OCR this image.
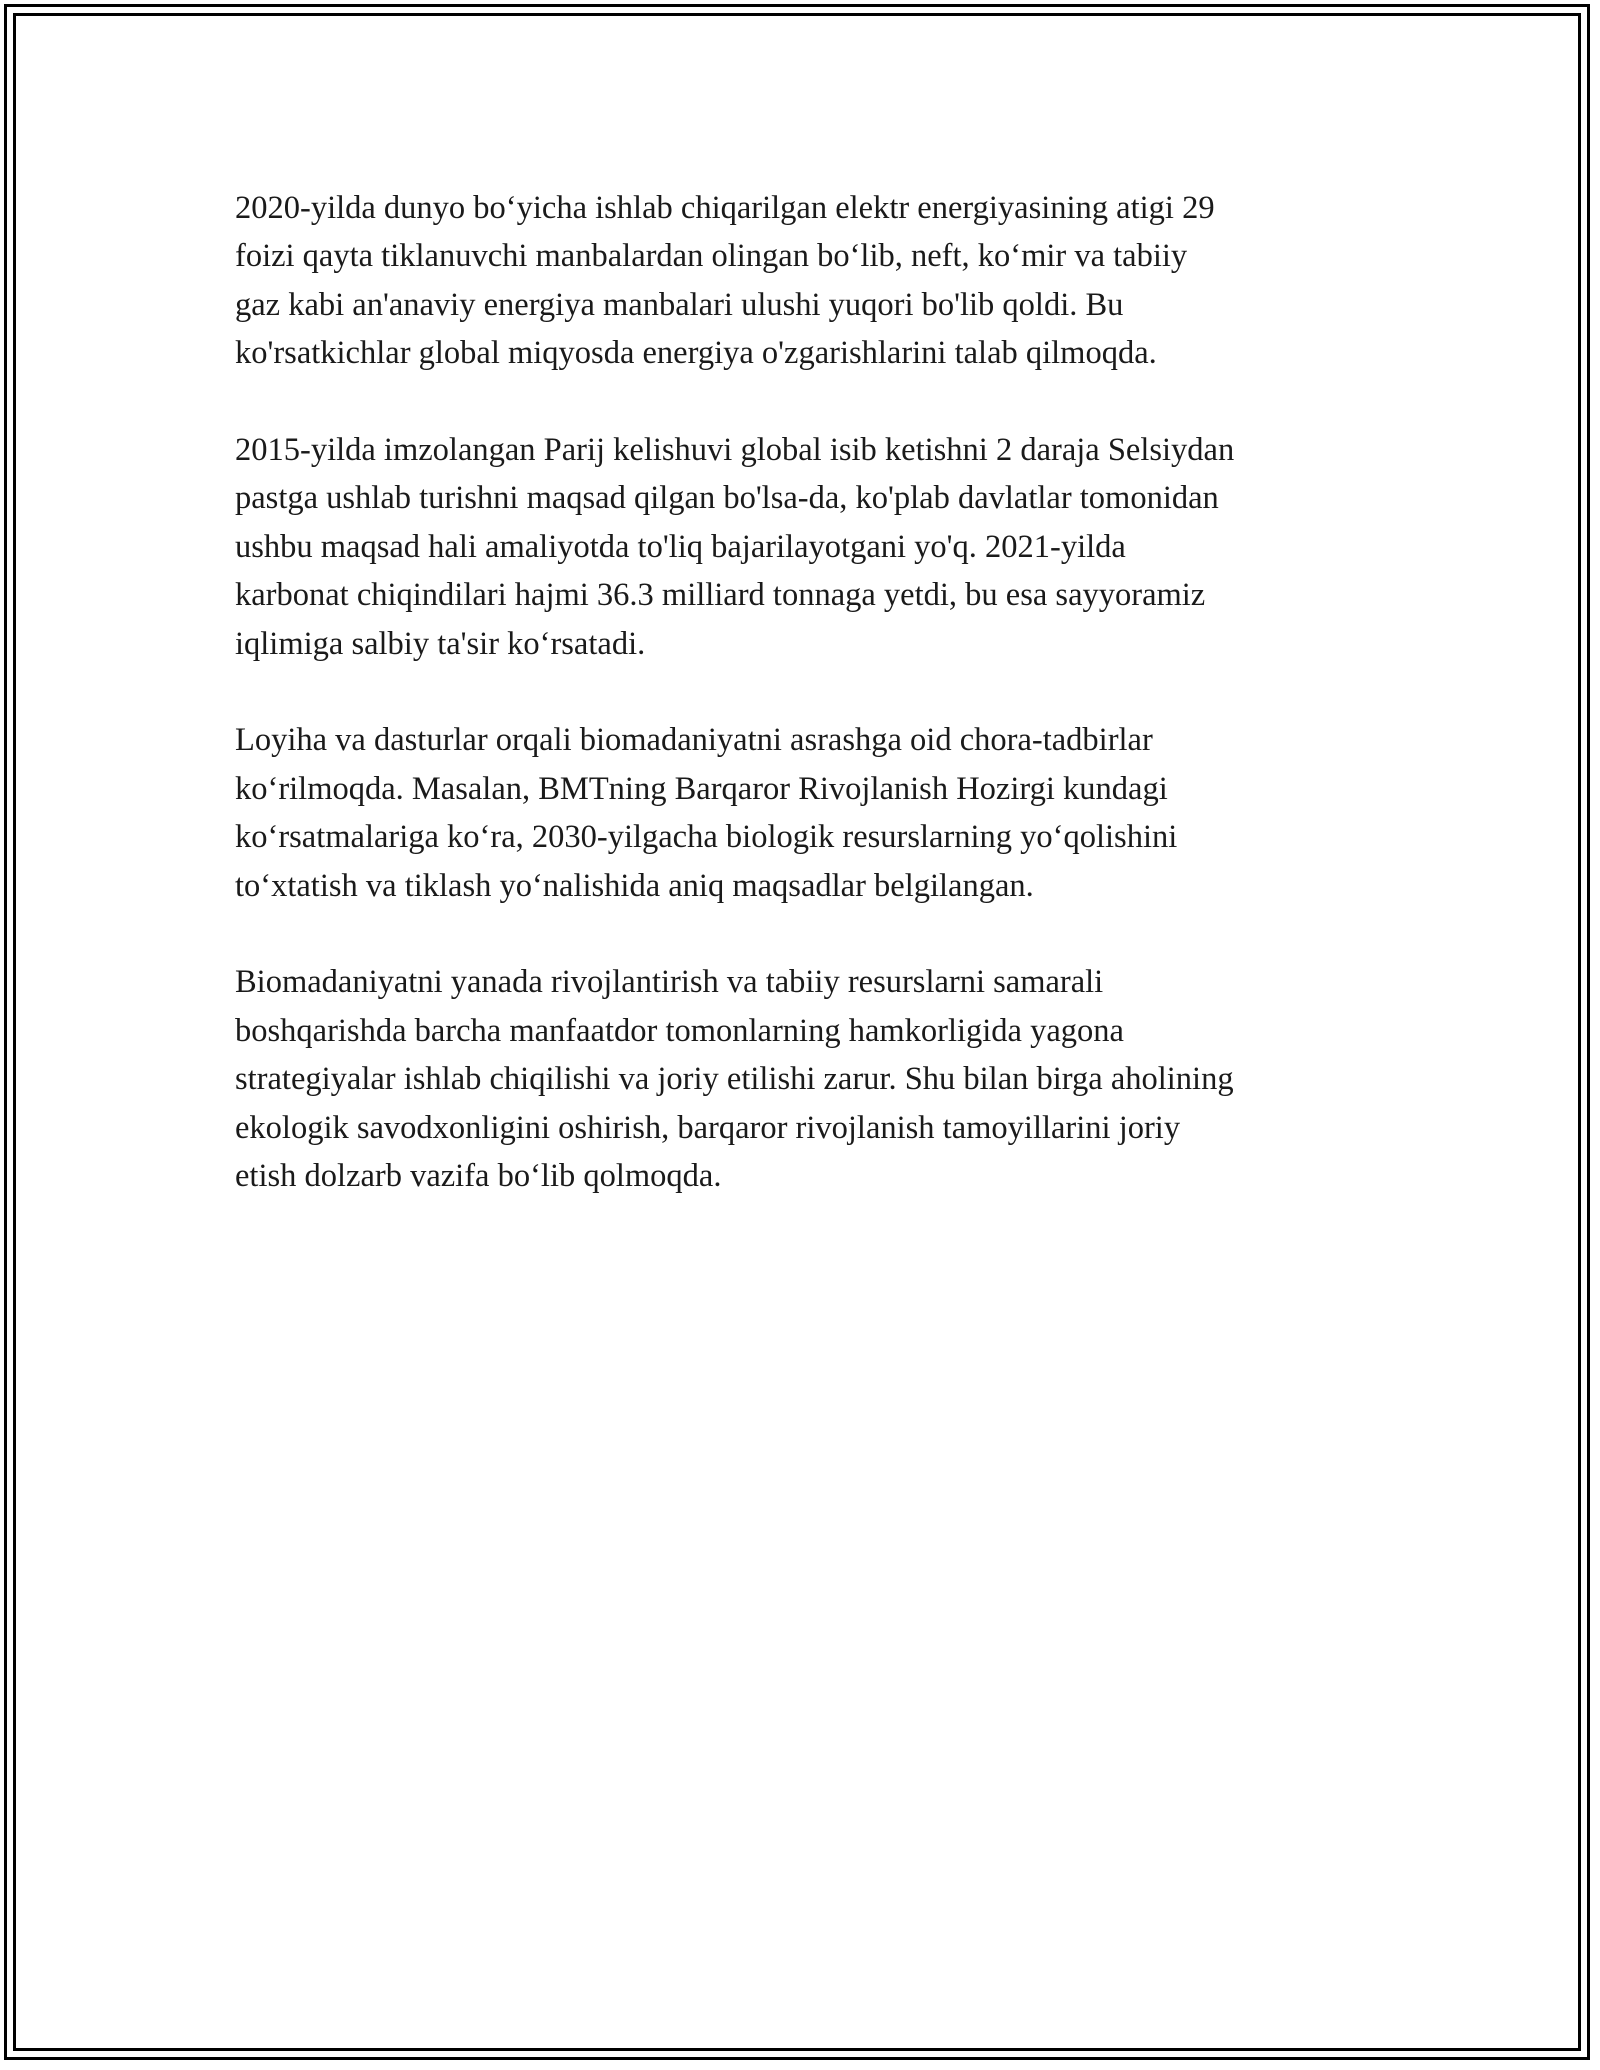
2020-yilda dunyo bo‘yicha ishlab chiqarilgan elektr energiyasining atigi 29
foizi qayta tiklanuvchi manbalardan olingan bo‘lib, neft, ko‘mir va tabiiy
gaz kabi an'anaviy energiya manbalari ulushi yuqori bo'lib qoldi. Bu
ko'rsatkichlar global miqyosda energiya o'zgarishlarini talab qilmoqda.

2015-yilda imzolangan Parij kelishuvi global isib ketishni 2 daraja Selsiydan
pastga ushlab turishni maqsad qilgan bo'lsa-da, ko'plab davlatlar tomonidan
ushbu maqsad hali amaliyotda to'liq bajarilayotgani yo'q. 2021-yilda
karbonat chiqindilari hajmi 36.3 milliard tonnaga yetdi, bu esa sayyoramiz
iqlimiga salbiy ta'sir ko‘rsatadi.

Loyiha va dasturlar orqali biomadaniyatni asrashga oid chora-tadbirlar
ko‘rilmoqda. Masalan, BMTning Barqaror Rivojlanish Hozirgi kundagi
ko‘rsatmalariga ko‘ra, 2030-yilgacha biologik resurslarning yo‘qolishini
to‘xtatish va tiklash yo‘nalishida aniq maqsadlar belgilangan.

Biomadaniyatni yanada rivojlantirish va tabiiy resurslarni samarali
boshqarishda barcha manfaatdor tomonlarning hamkorligida yagona
strategiyalar ishlab chiqilishi va joriy etilishi zarur. Shu bilan birga aholining
ekologik savodxonligini oshirish, barqaror rivojlanish tamoyillarini joriy
etish dolzarb vazifa bo‘lib qolmoqda.
